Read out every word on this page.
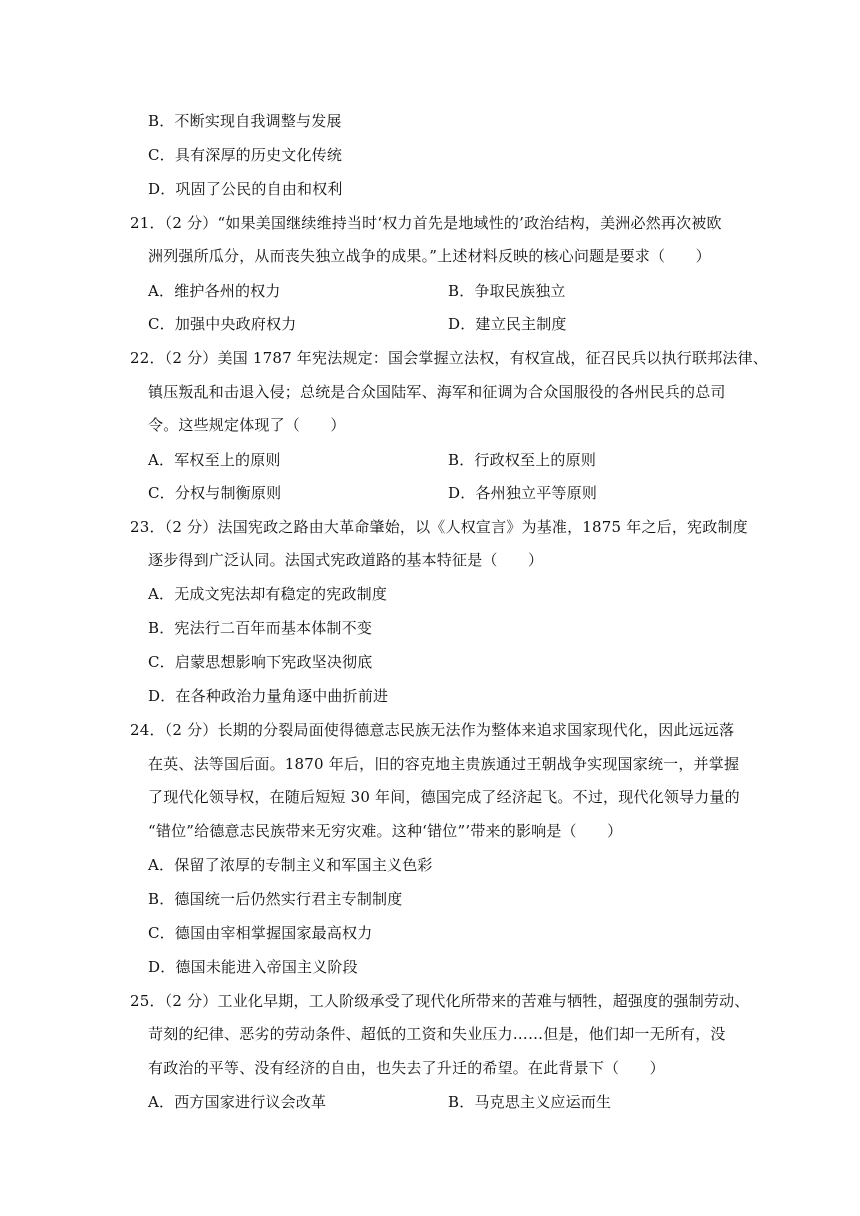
B．不断实现自我调整与发展
C．具有深厚的历史文化传统
D．巩固了公民的自由和权利
21．（2 分）“如果美国继续维持当时‘权力首先是地域性的’政治结构，美洲必然再次被欧
洲列强所瓜分，从而丧失独立战争的成果。”上述材料反映的核心问题是要求（　　）
A．维护各州的权力	B．争取民族独立
C．加强中央政府权力	D．建立民主制度
22．（2 分）美国 1787 年宪法规定：国会掌握立法权，有权宣战，征召民兵以执行联邦法律、
镇压叛乱和击退入侵；总统是合众国陆军、海军和征调为合众国服役的各州民兵的总司
令。这些规定体现了（　　）
A．军权至上的原则	B．行政权至上的原则
C．分权与制衡原则	D．各州独立平等原则
23．（2 分）法国宪政之路由大革命肇始，以《人权宣言》为基准，1875 年之后，宪政制度
逐步得到广泛认同。法国式宪政道路的基本特征是（　　）
A．无成文宪法却有稳定的宪政制度
B．宪法行二百年而基本体制不变
C．启蒙思想影响下宪政坚决彻底
D．在各种政治力量角逐中曲折前进
24．（2 分）长期的分裂局面使得德意志民族无法作为整体来追求国家现代化，因此远远落
在英、法等国后面。1870 年后，旧的容克地主贵族通过王朝战争实现国家统一，并掌握
了现代化领导权，在随后短短 30 年间，德国完成了经济起飞。不过，现代化领导力量的
“错位”给德意志民族带来无穷灾难。这种‘错位”’带来的影响是（　　）
A．保留了浓厚的专制主义和军国主义色彩
B．德国统一后仍然实行君主专制制度
C．德国由宰相掌握国家最高权力
D．德国未能进入帝国主义阶段
25．（2 分）工业化早期，工人阶级承受了现代化所带来的苦难与牺牲，超强度的强制劳动、
苛刻的纪律、恶劣的劳动条件、超低的工资和失业压力……但是，他们却一无所有，没
有政治的平等、没有经济的自由，也失去了升迁的希望。在此背景下（　　）
A．西方国家进行议会改革	B．马克思主义应运而生
